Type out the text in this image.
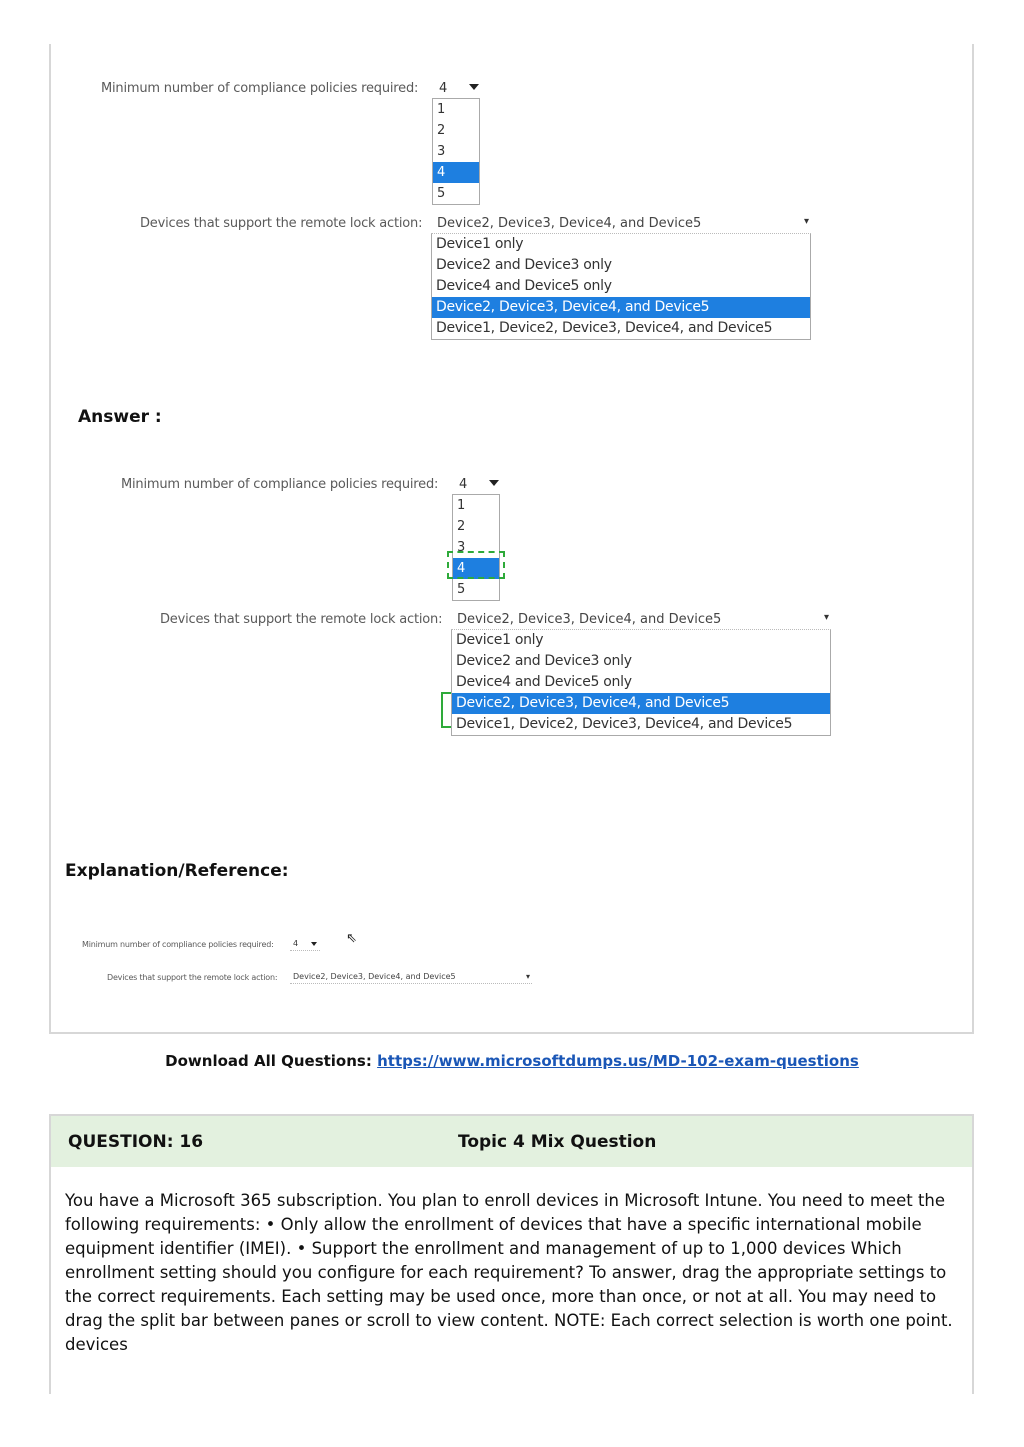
Minimum number of compliance policies required: 4
1
2
3
4
5
Devices that support the remote lock action: Device2, Device3, Device4, and Device5	▾
Device1 only
Device2 and Device3 only
Device4 and Device5 only
Device2, Device3, Device4, and Device5
Device1, Device2, Device3, Device4, and Device5
Answer :
Minimum number of compliance policies required: 4
1
2
3
4
5
Devices that support the remote lock action: Device2, Device3, Device4, and Device5	▾
Device1 only
Device2 and Device3 only
Device4 and Device5 only
Device2, Device3, Device4, and Device5
Device1, Device2, Device3, Device4, and Device5
Explanation/Reference:
Minimum number of compliance policies required: 4	⇖
Devices that support the remote lock action: Device2, Device3, Device4, and Device5	▾
Download All Questions: https://www.microsoftdumps.us/MD-102-exam-questions
QUESTION: 16	Topic 4 Mix Question
You have a Microsoft 365 subscription. You plan to enroll devices in Microsoft Intune. You need to meet the following requirements: • Only allow the enrollment of devices that have a specific international mobile equipment identifier (IMEI). • Support the enrollment and management of up to 1,000 devices Which enrollment setting should you configure for each requirement? To answer, drag the appropriate settings to the correct requirements. Each setting may be used once, more than once, or not at all. You may need to drag the split bar between panes or scroll to view content. NOTE: Each correct selection is worth one point. devices
